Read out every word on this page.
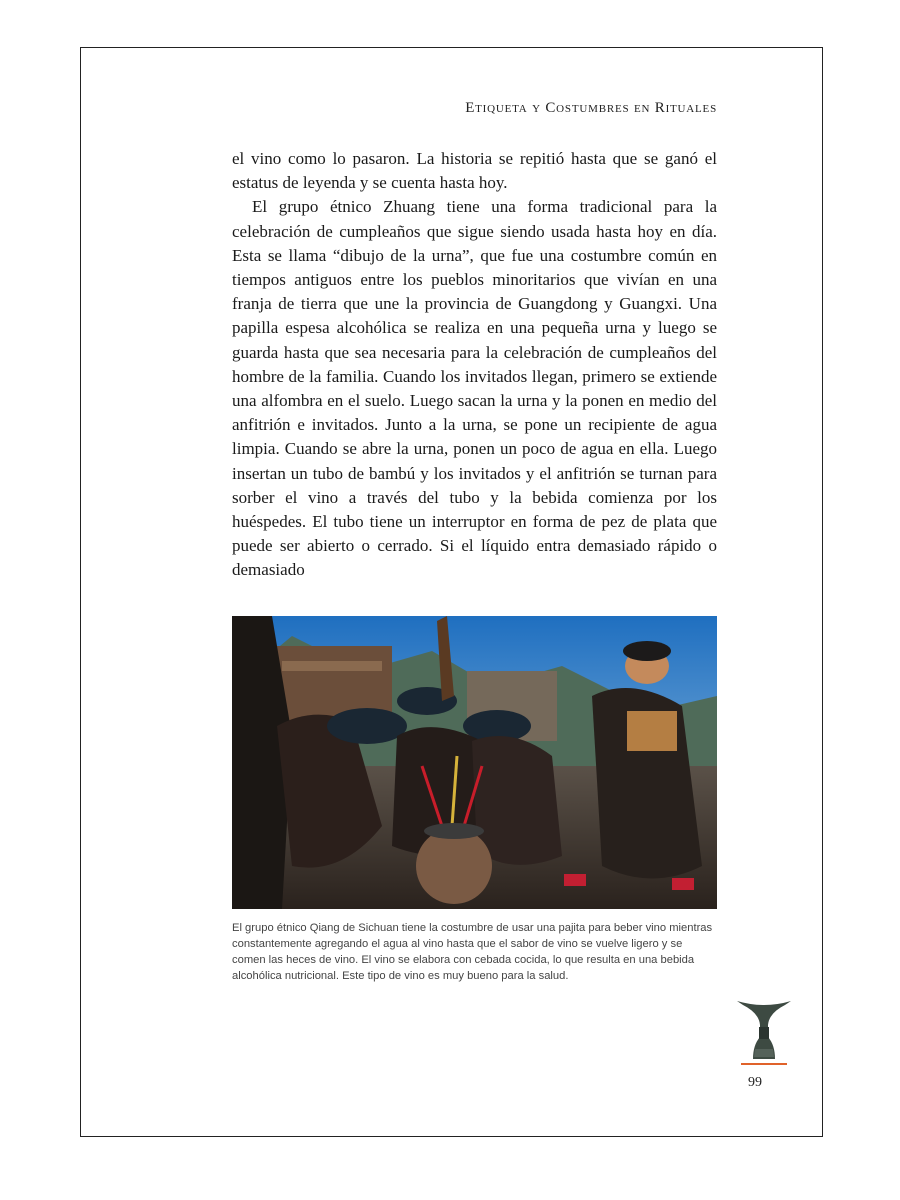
Etiqueta y Costumbres en Rituales

el vino como lo pasaron. La historia se repitió hasta que se ganó el estatus de leyenda y se cuenta hasta hoy.

El grupo étnico Zhuang tiene una forma tradicional para la celebración de cumpleaños que sigue siendo usada hasta hoy en día. Esta se llama “dibujo de la urna”, que fue una costumbre común en tiempos antiguos entre los pueblos minoritarios que vivían en una franja de tierra que une la provincia de Guangdong y Guangxi. Una papilla espesa alcohólica se realiza en una pequeña urna y luego se guarda hasta que sea necesaria para la celebración de cumpleaños del hombre de la familia. Cuando los invitados llegan, primero se extiende una alfombra en el suelo. Luego sacan la urna y la ponen en medio del anfitrión e invitados. Junto a la urna, se pone un recipiente de agua limpia. Cuando se abre la urna, ponen un poco de agua en ella. Luego insertan un tubo de bambú y los invitados y el anfitrión se turnan para sorber el vino a través del tubo y la bebida comienza por los huéspedes. El tubo tiene un interruptor en forma de pez de plata que puede ser abierto o cerrado. Si el líquido entra demasiado rápido o demasiado

El grupo étnico Qiang de Sichuan tiene la costumbre de usar una pajita para beber vino mientras constantemente agregando el agua al vino hasta que el sabor de vino se vuelve ligero y se comen las heces de vino. El vino se elabora con cebada cocida, lo que resulta en una bebida alcohólica nutricional. Este tipo de vino es muy bueno para la salud.
99
